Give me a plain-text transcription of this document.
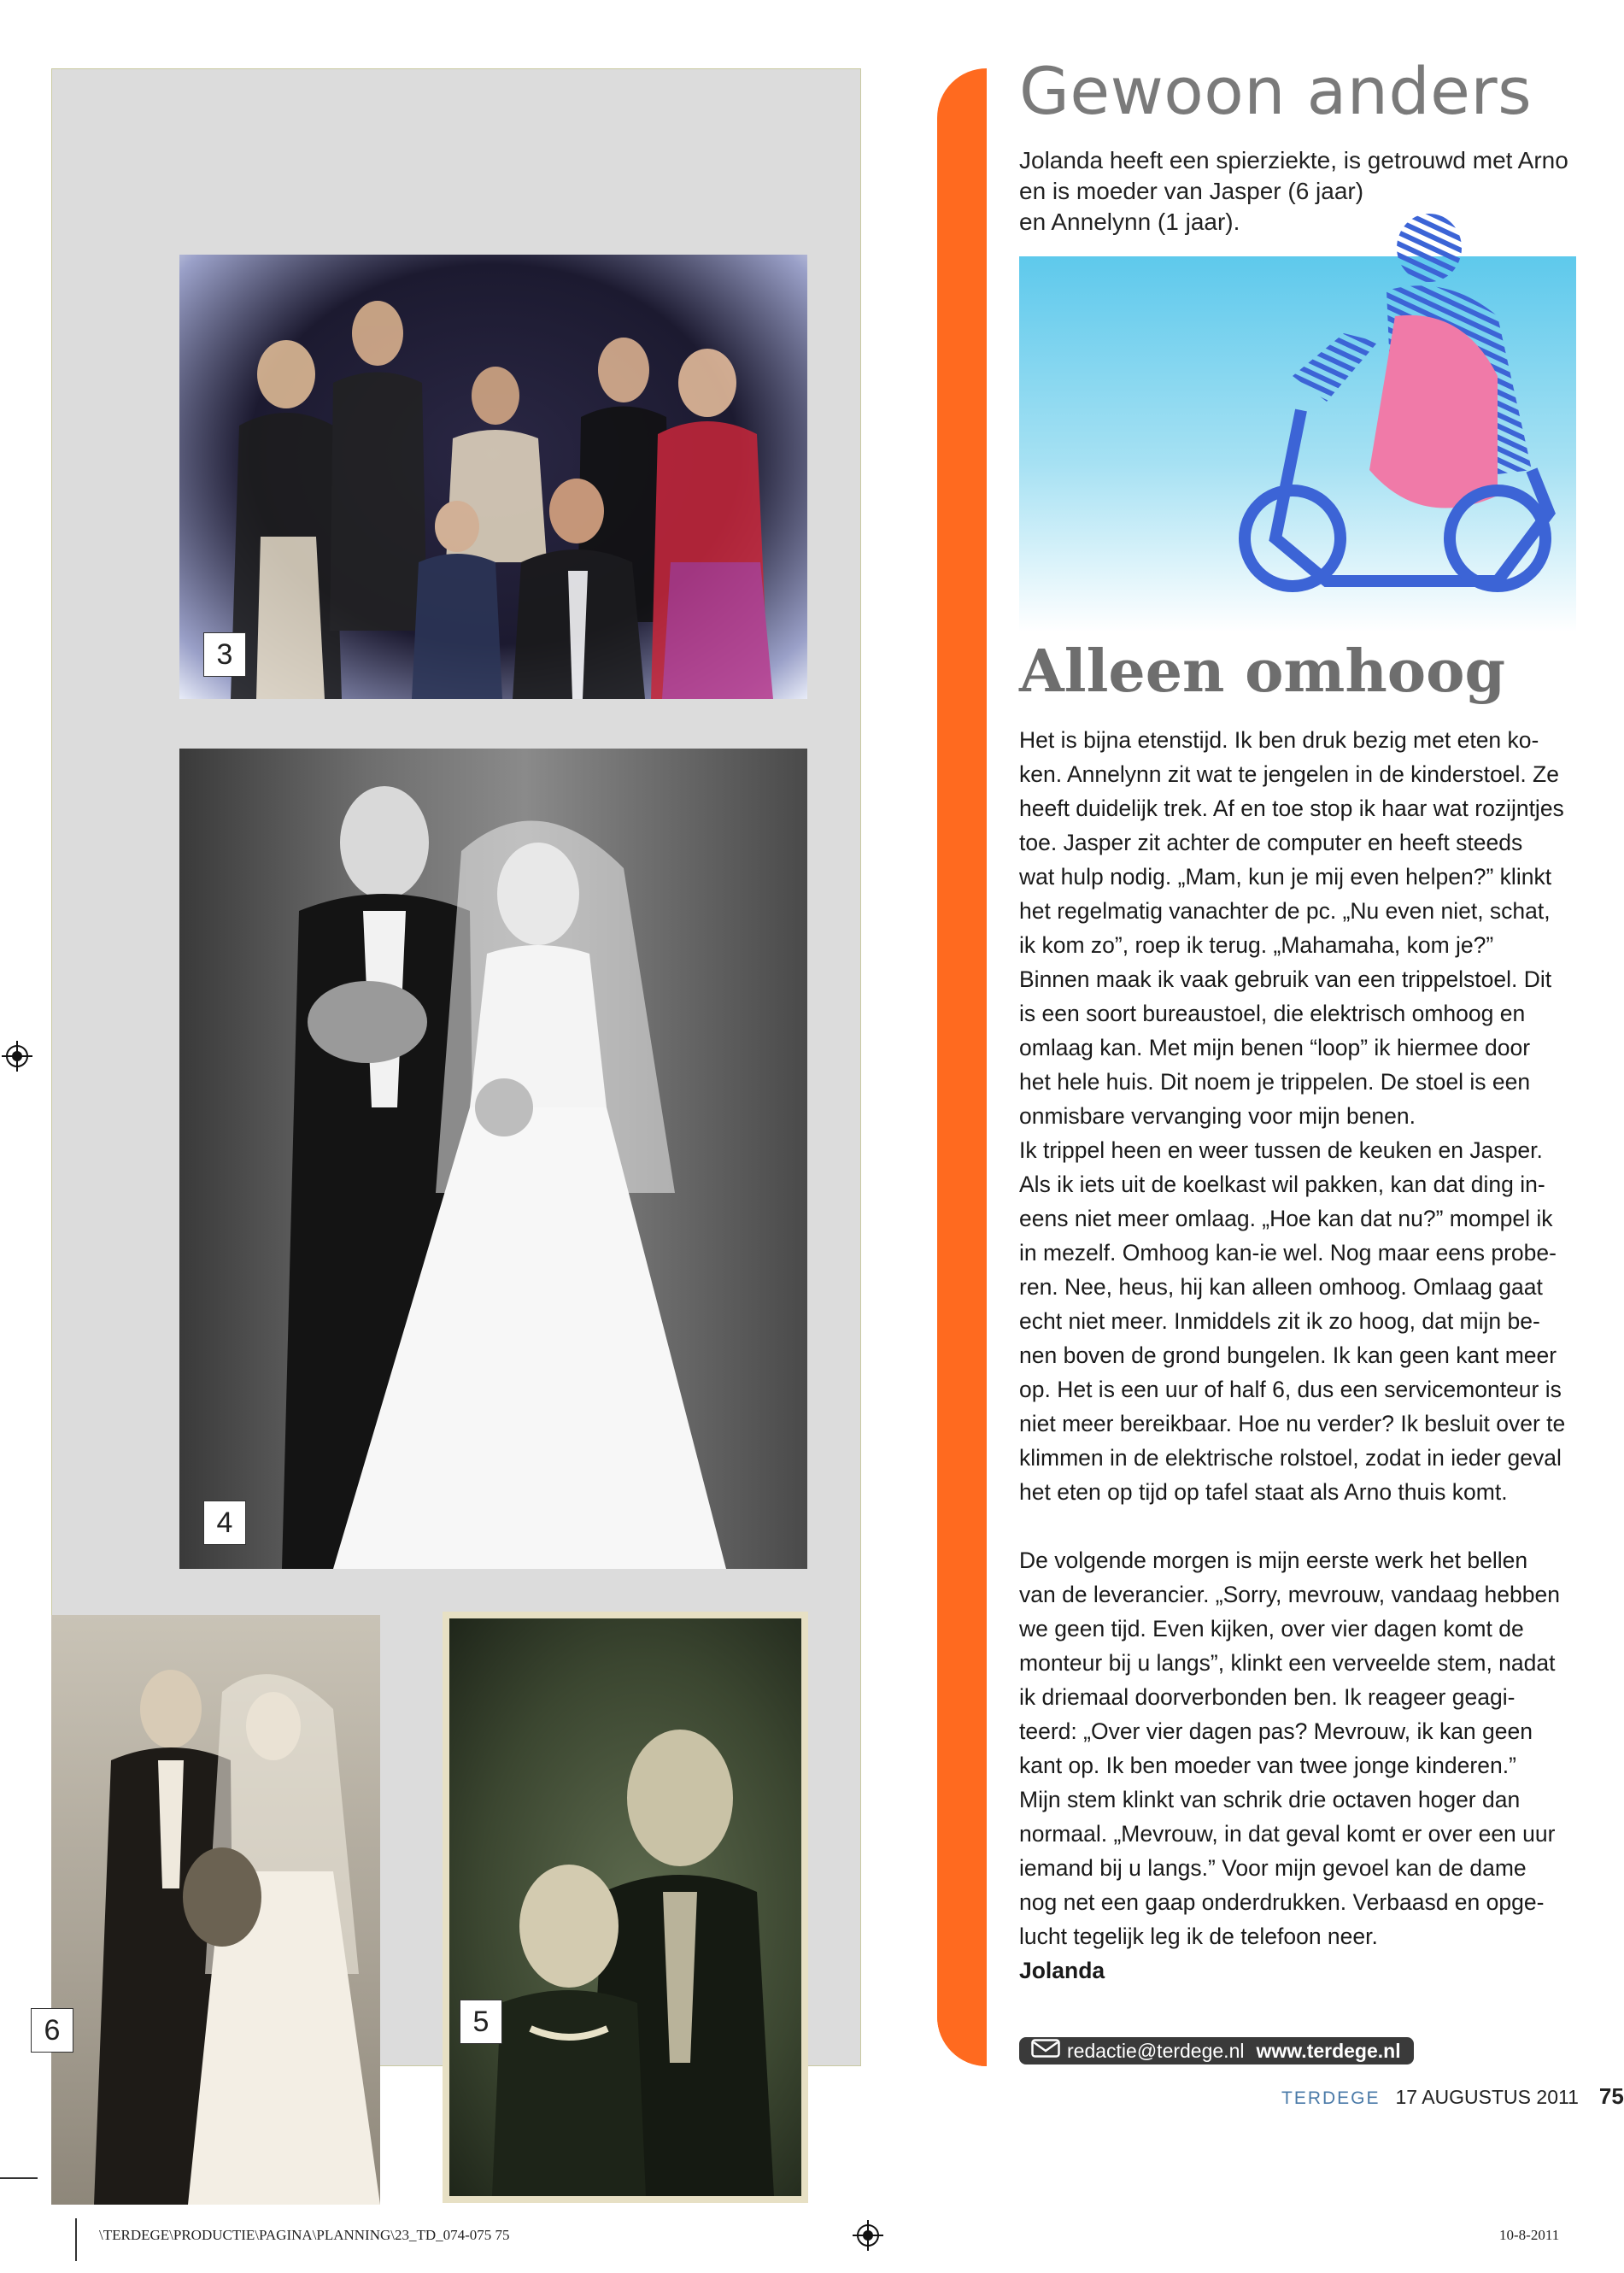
3
4
6	5
Gewoon anders

Jolanda heeft een spierziekte, is getrouwd met Arno
en is moeder van Jasper (6 jaar)
en Annelynn (1 jaar).

Alleen omhoog

Het is bijna etenstijd. Ik ben druk bezig met eten ko-

ken. Annelynn zit wat te jengelen in de kinderstoel. Ze

heeft duidelijk trek. Af en toe stop ik haar wat rozijntjes

toe. Jasper zit achter de computer en heeft steeds

wat hulp nodig. „Mam, kun je mij even helpen?” klinkt

het regelmatig vanachter de pc. „Nu even niet, schat,

ik kom zo”, roep ik terug. „Mahamaha, kom je?”

Binnen maak ik vaak gebruik van een trippelstoel. Dit

is een soort bureaustoel, die elektrisch omhoog en

omlaag kan. Met mijn benen “loop” ik hiermee door

het hele huis. Dit noem je trippelen. De stoel is een

onmisbare vervanging voor mijn benen.

Ik trippel heen en weer tussen de keuken en Jasper.

Als ik iets uit de koelkast wil pakken, kan dat ding in-

eens niet meer omlaag. „Hoe kan dat nu?” mompel ik

in mezelf. Omhoog kan-ie wel. Nog maar eens probe-

ren. Nee, heus, hij kan alleen omhoog. Omlaag gaat

echt niet meer. Inmiddels zit ik zo hoog, dat mijn be-

nen boven de grond bungelen. Ik kan geen kant meer

op. Het is een uur of half 6, dus een servicemonteur is

niet meer bereikbaar. Hoe nu verder? Ik besluit over te

klimmen in de elektrische rolstoel, zodat in ieder geval

het eten op tijd op tafel staat als Arno thuis komt.

De volgende morgen is mijn eerste werk het bellen

van de leverancier. „Sorry, mevrouw, vandaag hebben

we geen tijd. Even kijken, over vier dagen komt de

monteur bij u langs”, klinkt een verveelde stem, nadat

ik driemaal doorverbonden ben. Ik reageer geagi-

teerd: „Over vier dagen pas? Mevrouw, ik kan geen

kant op. Ik ben moeder van twee jonge kinderen.”

Mijn stem klinkt van schrik drie octaven hoger dan

normaal. „Mevrouw, in dat geval komt er over een uur

iemand bij u langs.” Voor mijn gevoel kan de dame

nog net een gaap onderdrukken. Verbaasd en opge-

lucht tegelijk leg ik de telefoon neer.

Jolanda

redactie@terdege.nl www.terdege.nl
TERDEGE 17 AUGUSTUS 2011 75
\TERDEGE\PRODUCTIE\PAGINA\PLANNING\23_TD_074-075 75	10-8-2011
